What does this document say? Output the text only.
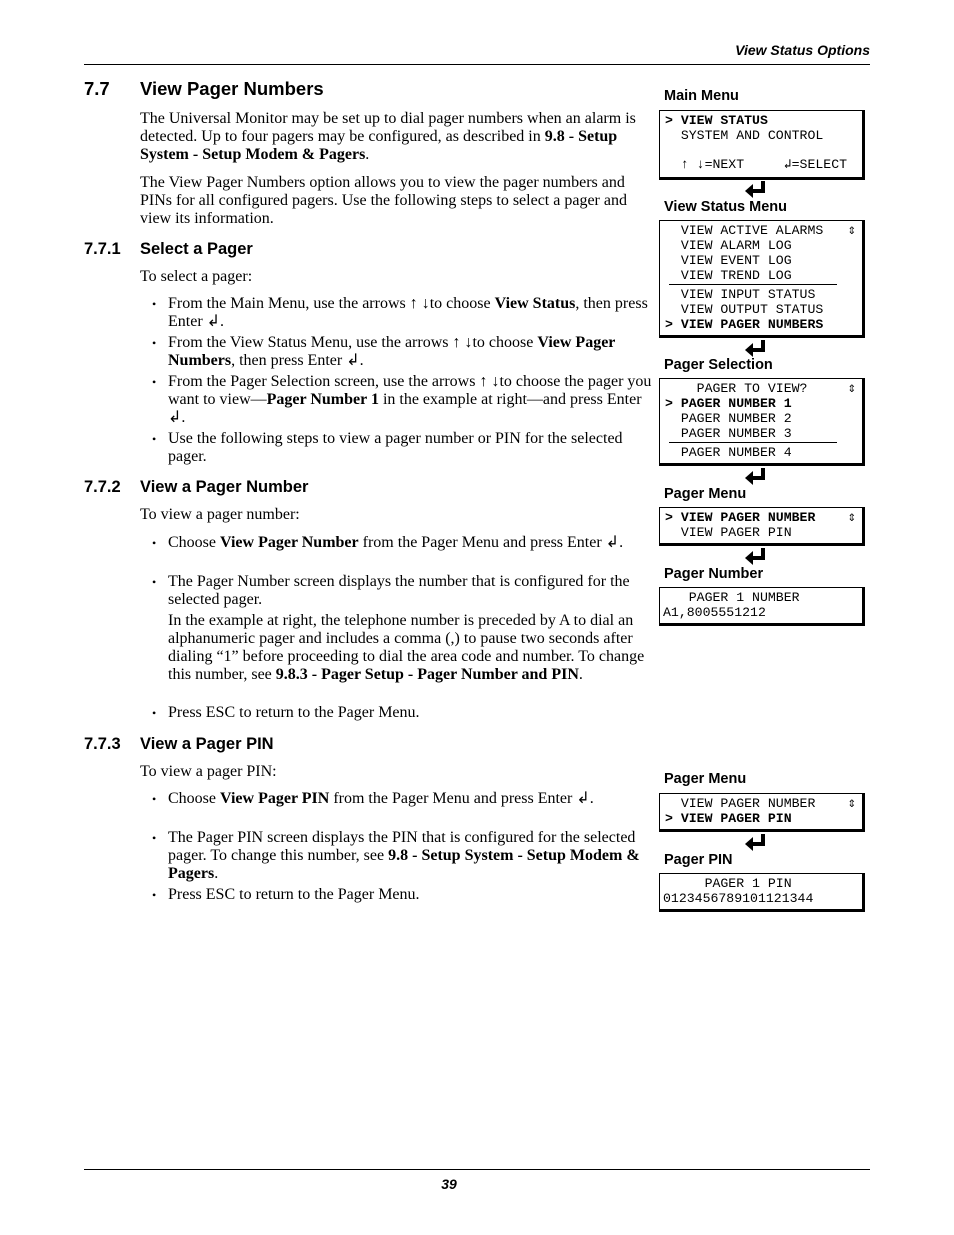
View Status Options
7.7 View Pager Numbers
The Universal Monitor may be set up to dial pager numbers when an alarm is detected. Up to four pagers may be configured, as described in 9.8 - Setup System - Setup Modem & Pagers.
The View Pager Numbers option allows you to view the pager numbers and PINs for all configured pagers. Use the following steps to select a pager and view its information.
7.7.1 Select a Pager
To select a pager:
• From the Main Menu, use the arrows ↑ ↓to choose View Status, then press Enter ↲.
• From the View Status Menu, use the arrows ↑ ↓to choose View Pager Numbers, then press Enter ↲.
• From the Pager Selection screen, use the arrows ↑ ↓to choose the pager you want to view—Pager Number 1 in the example at right—and press Enter ↲.
• Use the following steps to view a pager number or PIN for the selected pager.
7.7.2 View a Pager Number
To view a pager number:
• Choose View Pager Number from the Pager Menu and press Enter ↲.
• The Pager Number screen displays the number that is configured for the selected pager.
In the example at right, the telephone number is preceded by A to dial an alphanumeric pager and includes a comma (,) to pause two seconds after dialing “1” before proceeding to dial the area code and number. To change this number, see 9.8.3 - Pager Setup - Pager Number and PIN.
• Press ESC to return to the Pager Menu.
7.7.3 View a Pager PIN
To view a pager PIN:
• Choose View Pager PIN from the Pager Menu and press Enter ↲.
• The Pager PIN screen displays the PIN that is configured for the selected pager. To change this number, see 9.8 - Setup System - Setup Modem & Pagers.
• Press ESC to return to the Pager Menu.
Main Menu
> VIEW STATUS
SYSTEM AND CONTROL
↑ ↓=NEXT     ↲=SELECT
View Status Menu
VIEW ACTIVE ALARMS
VIEW ALARM LOG
VIEW EVENT LOG
VIEW TREND LOG
VIEW INPUT STATUS
VIEW OUTPUT STATUS
> VIEW PAGER NUMBERS
⇕
Pager Selection
PAGER TO VIEW?
> PAGER NUMBER 1
PAGER NUMBER 2
PAGER NUMBER 3
PAGER NUMBER 4
⇕
Pager Menu
> VIEW PAGER NUMBER
VIEW PAGER PIN
⇕
Pager Number
PAGER 1 NUMBER
A1,8005551212
Pager Menu
VIEW PAGER NUMBER
> VIEW PAGER PIN
⇕
Pager PIN
PAGER 1 PIN
0123456789101121344
39
